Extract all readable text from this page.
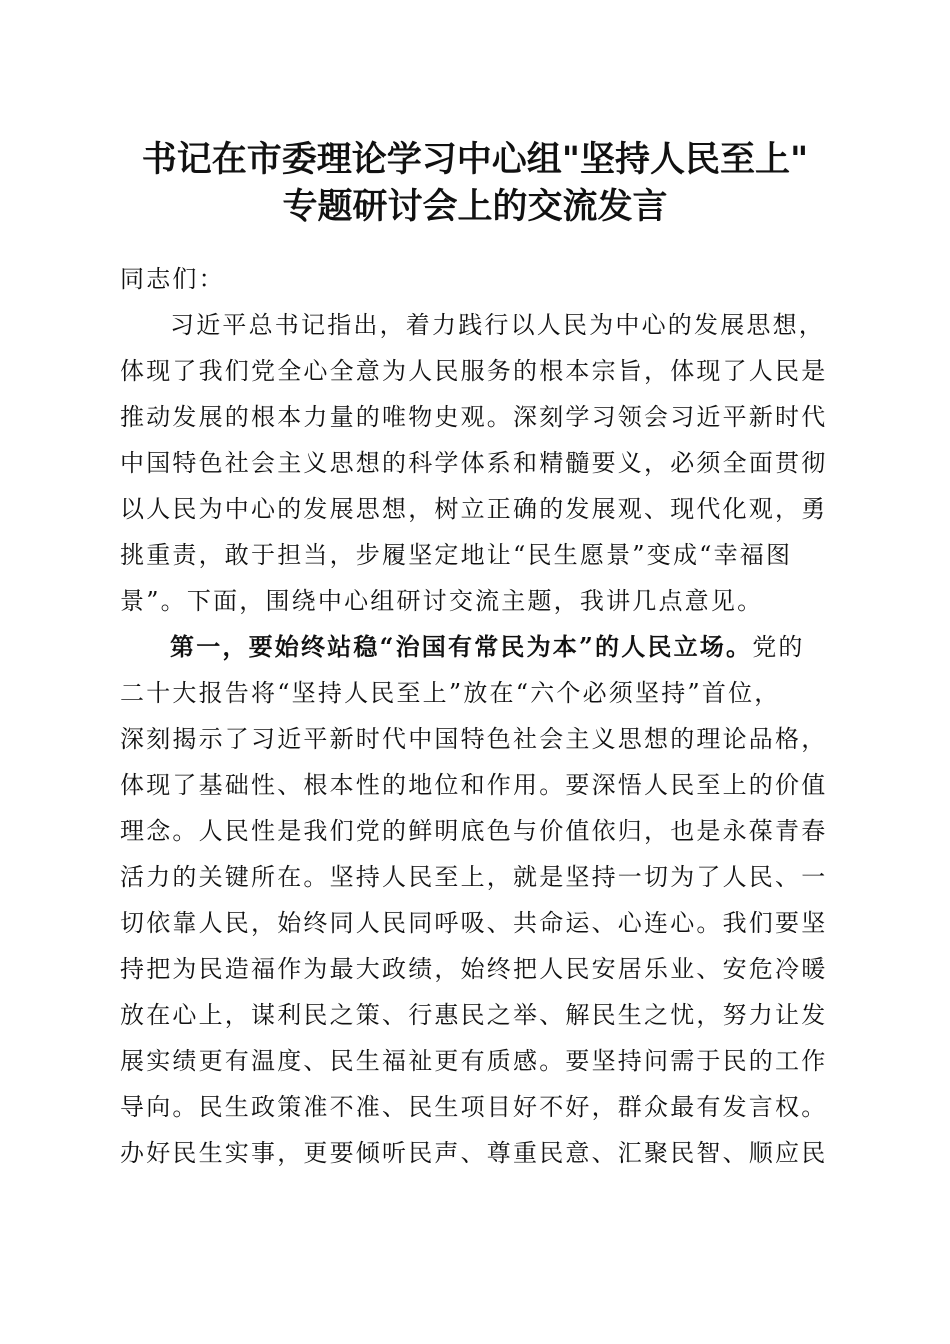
书记在市委理论学习中心组"坚持人民至上"
专题研讨会上的交流发言
同志们：
习近平总书记指出，着力践行以人民为中心的发展思想，
体现了我们党全心全意为人民服务的根本宗旨，体现了人民是
推动发展的根本力量的唯物史观。深刻学习领会习近平新时代
中国特色社会主义思想的科学体系和精髓要义，必须全面贯彻
以人民为中心的发展思想，树立正确的发展观、现代化观，勇
挑重责，敢于担当，步履坚定地让“民生愿景”变成“幸福图
景”。下面，围绕中心组研讨交流主题，我讲几点意见。
第一，要始终站稳“治国有常民为本”的人民立场。党的
二十大报告将“坚持人民至上”放在“六个必须坚持”首位，
深刻揭示了习近平新时代中国特色社会主义思想的理论品格，
体现了基础性、根本性的地位和作用。要深悟人民至上的价值
理念。人民性是我们党的鲜明底色与价值依归，也是永葆青春
活力的关键所在。坚持人民至上，就是坚持一切为了人民、一
切依靠人民，始终同人民同呼吸、共命运、心连心。我们要坚
持把为民造福作为最大政绩，始终把人民安居乐业、安危冷暖
放在心上，谋利民之策、行惠民之举、解民生之忧，努力让发
展实绩更有温度、民生福祉更有质感。要坚持问需于民的工作
导向。民生政策准不准、民生项目好不好，群众最有发言权。
办好民生实事，更要倾听民声、尊重民意、汇聚民智、顺应民
